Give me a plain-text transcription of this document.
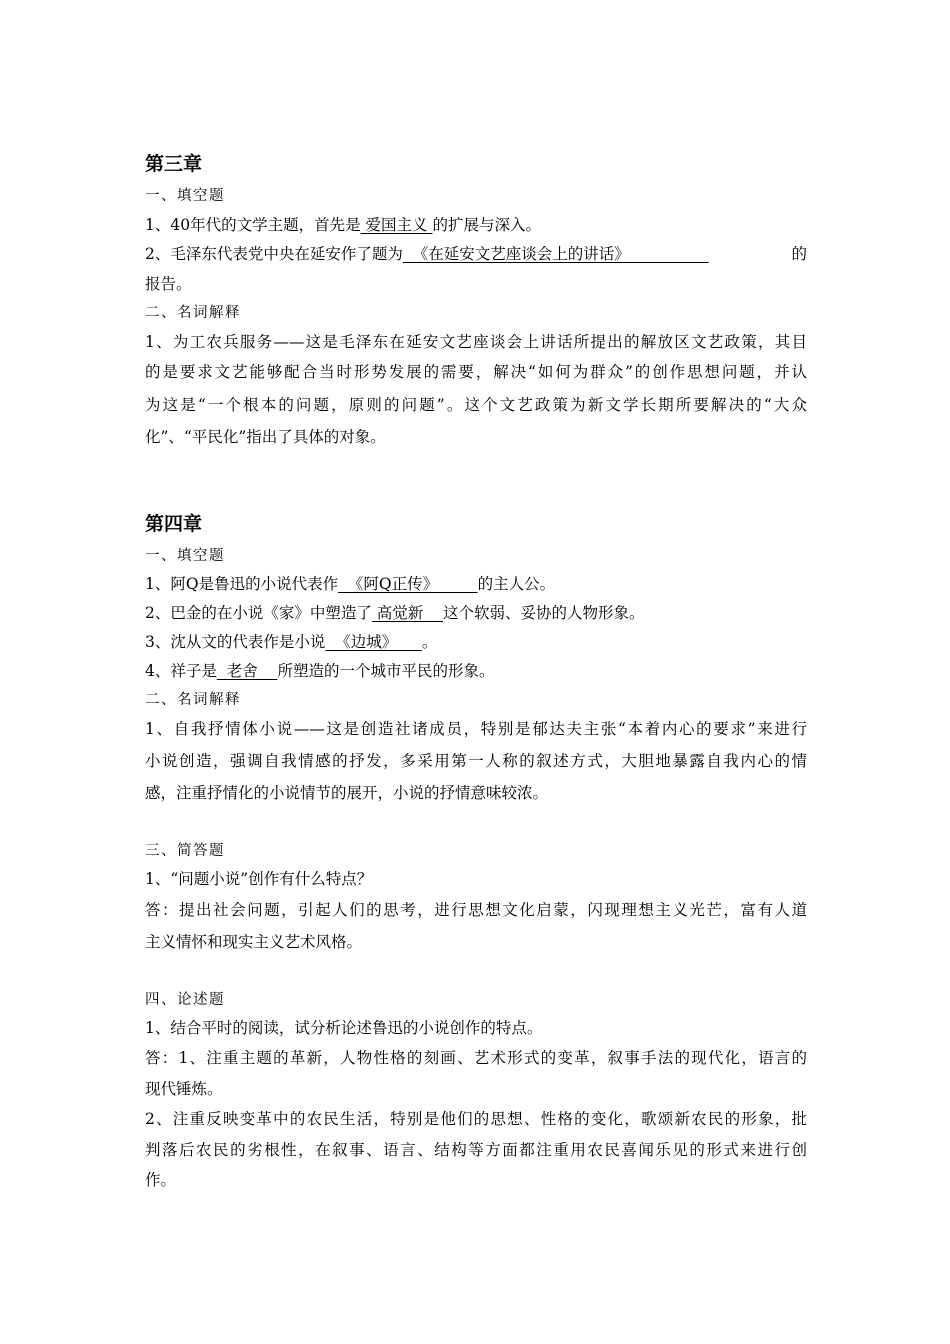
第三章
一、填空题
1、40年代的文学主题，首先是 爱国主义 的扩展与深入。
2、毛泽东代表党中央在延安作了题为  《在延安文艺座谈会上的讲话》	的
报告。
二、名词解释
1、为工农兵服务——这是毛泽东在延安文艺座谈会上讲话所提出的解放区文艺政策，其目
的是要求文艺能够配合当时形势发展的需要，解决“如何为群众”的创作思想问题，并认
为这是“一个根本的问题，原则的问题”。这个文艺政策为新文学长期所要解决的“大众
化”、“平民化”指出了具体的对象。
第四章
一、填空题
1、阿Q是鲁迅的小说代表作  《阿Q正传》        的主人公。
2、巴金的在小说《家》中塑造了 高觉新    这个软弱、妥协的人物形象。
3、沈从文的代表作是小说  《边城》     。
4、祥子是  老舍    所塑造的一个城市平民的形象。
二、名词解释
1、自我抒情体小说——这是创造社诸成员，特别是郁达夫主张“本着内心的要求”来进行
小说创造，强调自我情感的抒发，多采用第一人称的叙述方式，大胆地暴露自我内心的情
感，注重抒情化的小说情节的展开，小说的抒情意味较浓。
三、简答题
1、“问题小说”创作有什么特点？
答：提出社会问题，引起人们的思考，进行思想文化启蒙，闪现理想主义光芒，富有人道
主义情怀和现实主义艺术风格。
四、论述题
1、结合平时的阅读，试分析论述鲁迅的小说创作的特点。
答：1、注重主题的革新，人物性格的刻画、艺术形式的变革，叙事手法的现代化，语言的
现代锤炼。
2、注重反映变革中的农民生活，特别是他们的思想、性格的变化，歌颂新农民的形象，批
判落后农民的劣根性，在叙事、语言、结构等方面都注重用农民喜闻乐见的形式来进行创
作。
